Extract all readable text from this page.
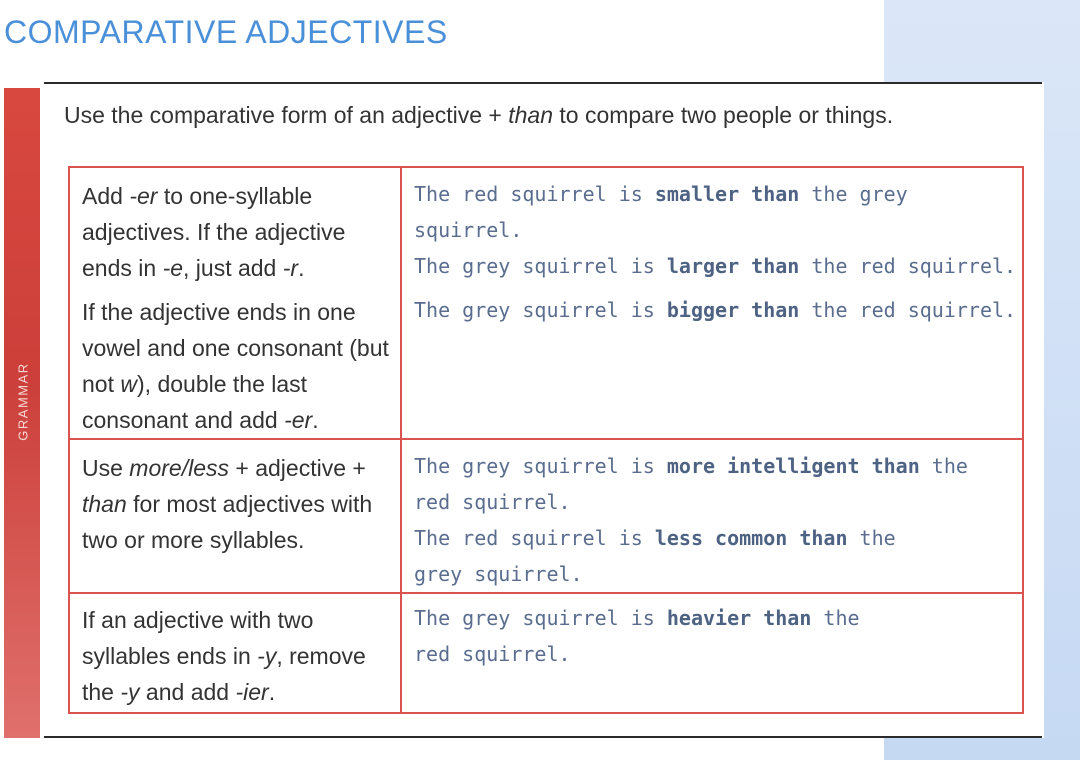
COMPARATIVE ADJECTIVES
GRAMMAR

Use the comparative form of an adjective + than to compare two people or things.

Add -er to one-syllable adjectives. If the adjective ends in -e, just add -r.
The red squirrel is smaller than the grey squirrel.
The grey squirrel is larger than the red squirrel.
If the adjective ends in one vowel and one consonant (but not w), double the last consonant and add -er.
The grey squirrel is bigger than the red squirrel.
Use more/less + adjective + than for most adjectives with two or more syllables.
The grey squirrel is more intelligent than the
red squirrel.
The red squirrel is less common than the
grey squirrel.
If an adjective with two syllables ends in -y, remove the -y and add -ier.
The grey squirrel is heavier than the
red squirrel.
